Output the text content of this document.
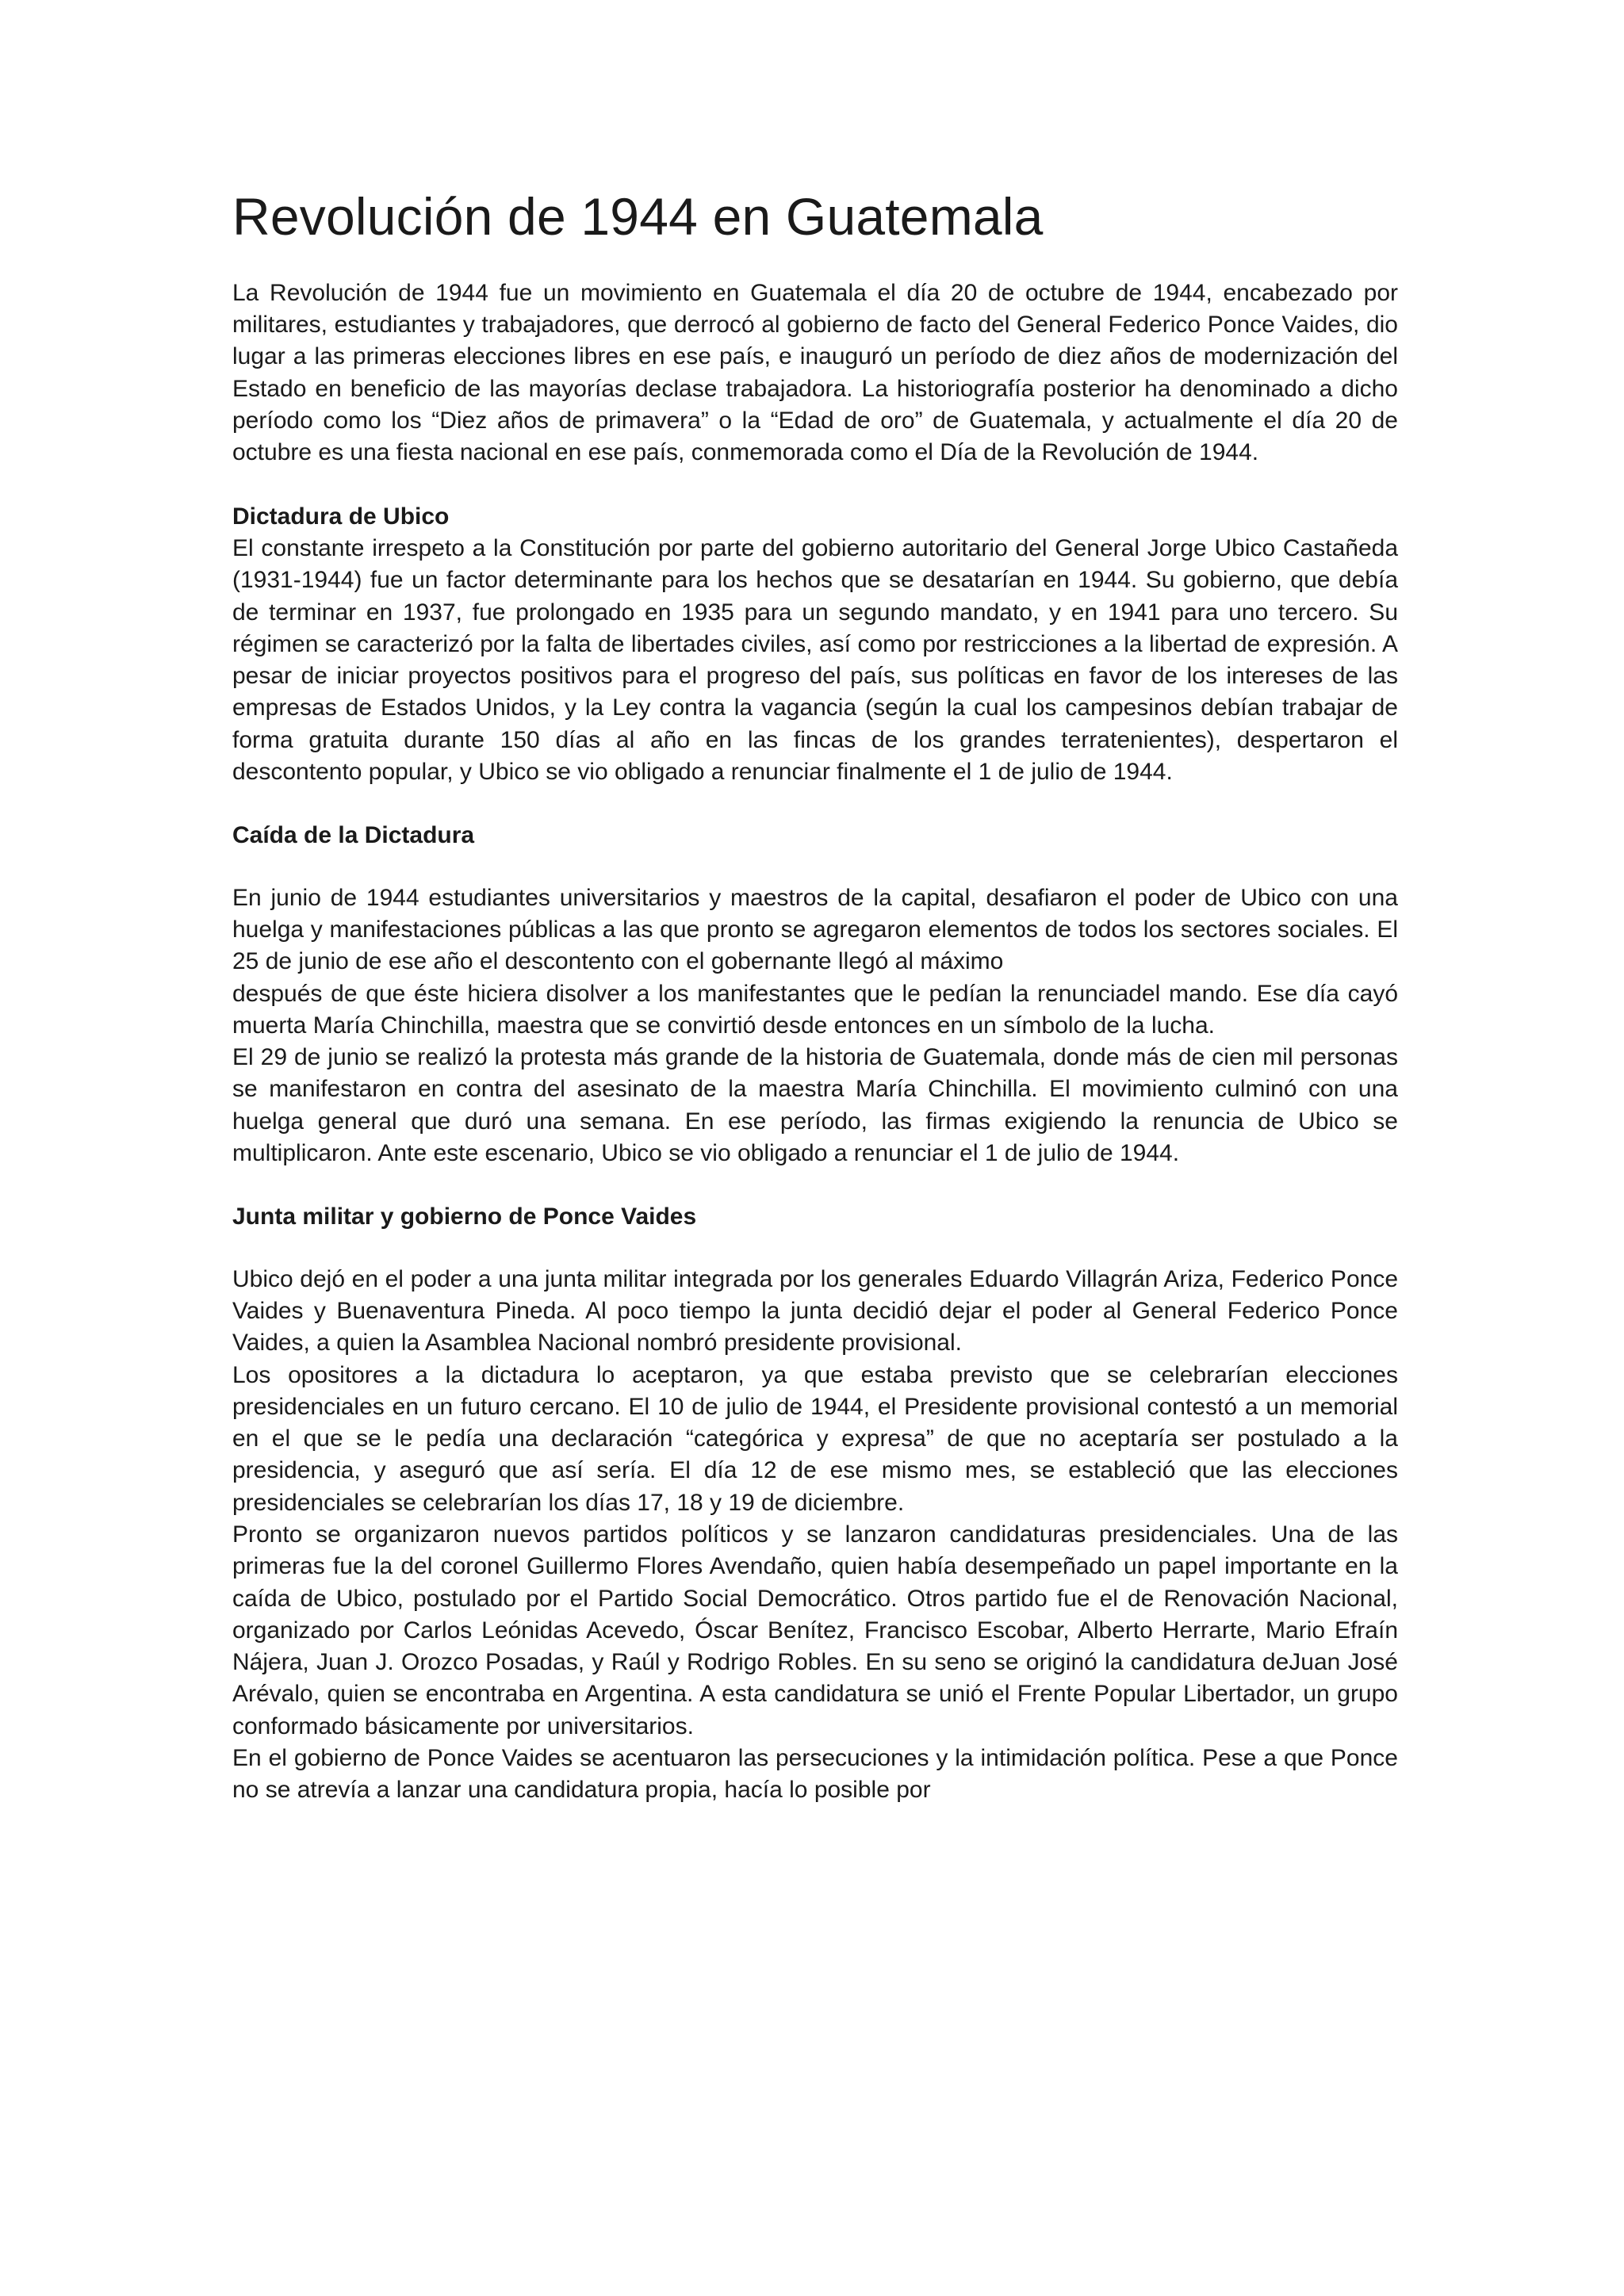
Revolución de 1944 en Guatemala

La Revolución de 1944 fue un movimiento en Guatemala el día 20 de octubre de 1944, encabezado por militares, estudiantes y trabajadores, que derrocó al gobierno de facto del General Federico Ponce Vaides, dio lugar a las primeras elecciones libres en ese país, e inauguró un período de diez años de modernización del Estado en beneficio de las mayorías declase trabajadora. La historiografía posterior ha denominado a dicho período como los “Diez años de primavera” o la “Edad de oro” de Guatemala, y actualmente el día 20 de octubre es una fiesta nacional en ese país, conmemorada como el Día de la Revolución de 1944.

Dictadura de Ubico

El constante irrespeto a la Constitución por parte del gobierno autoritario del General Jorge Ubico Castañeda (1931-1944) fue un factor determinante para los hechos que se desatarían en 1944. Su gobierno, que debía de terminar en 1937, fue prolongado en 1935 para un segundo mandato, y en 1941 para uno tercero. Su régimen se caracterizó por la falta de libertades civiles, así como por restricciones a la libertad de expresión. A pesar de iniciar proyectos positivos para el progreso del país, sus políticas en favor de los intereses de las empresas de Estados Unidos, y la Ley contra la vagancia (según la cual los campesinos debían trabajar de forma gratuita durante 150 días al año en las fincas de los grandes terratenientes), despertaron el descontento popular, y Ubico se vio obligado a renunciar finalmente el 1 de julio de 1944.

Caída de la Dictadura

En junio de 1944 estudiantes universitarios y maestros de la capital, desafiaron el poder de Ubico con una huelga y manifestaciones públicas a las que pronto se agregaron elementos de todos los sectores sociales. El 25 de junio de ese año el descontento con el gobernante llegó al máximo

después de que éste hiciera disolver a los manifestantes que le pedían la renunciadel mando. Ese día cayó muerta María Chinchilla, maestra que se convirtió desde entonces en un símbolo de la lucha.

El 29 de junio se realizó la protesta más grande de la historia de Guatemala, donde más de cien mil personas se manifestaron en contra del asesinato de la maestra María Chinchilla. El movimiento culminó con una huelga general que duró una semana. En ese período, las firmas exigiendo la renuncia de Ubico se multiplicaron. Ante este escenario, Ubico se vio obligado a renunciar el 1 de julio de 1944.

Junta militar y gobierno de Ponce Vaides

Ubico dejó en el poder a una junta militar integrada por los generales Eduardo Villagrán Ariza, Federico Ponce Vaides y Buenaventura Pineda. Al poco tiempo la junta decidió dejar el poder al General Federico Ponce Vaides, a quien la Asamblea Nacional nombró presidente provisional.

Los opositores a la dictadura lo aceptaron, ya que estaba previsto que se celebrarían elecciones presidenciales en un futuro cercano. El 10 de julio de 1944, el Presidente provisional contestó a un memorial en el que se le pedía una declaración “categórica y expresa” de que no aceptaría ser postulado a la presidencia, y aseguró que así sería. El día 12 de ese mismo mes, se estableció que las elecciones presidenciales se celebrarían los días 17, 18 y 19 de diciembre.

Pronto se organizaron nuevos partidos políticos y se lanzaron candidaturas presidenciales. Una de las primeras fue la del coronel Guillermo Flores Avendaño, quien había desempeñado un papel importante en la caída de Ubico, postulado por el Partido Social Democrático. Otros partido fue el de Renovación Nacional, organizado por Carlos Leónidas Acevedo, Óscar Benítez, Francisco Escobar, Alberto Herrarte, Mario Efraín Nájera, Juan J. Orozco Posadas, y Raúl y Rodrigo Robles. En su seno se originó la candidatura deJuan José Arévalo, quien se encontraba en Argentina. A esta candidatura se unió el Frente Popular Libertador, un grupo conformado básicamente por universitarios.

En el gobierno de Ponce Vaides se acentuaron las persecuciones y la intimidación política. Pese a que Ponce no se atrevía a lanzar una candidatura propia, hacía lo posible por
